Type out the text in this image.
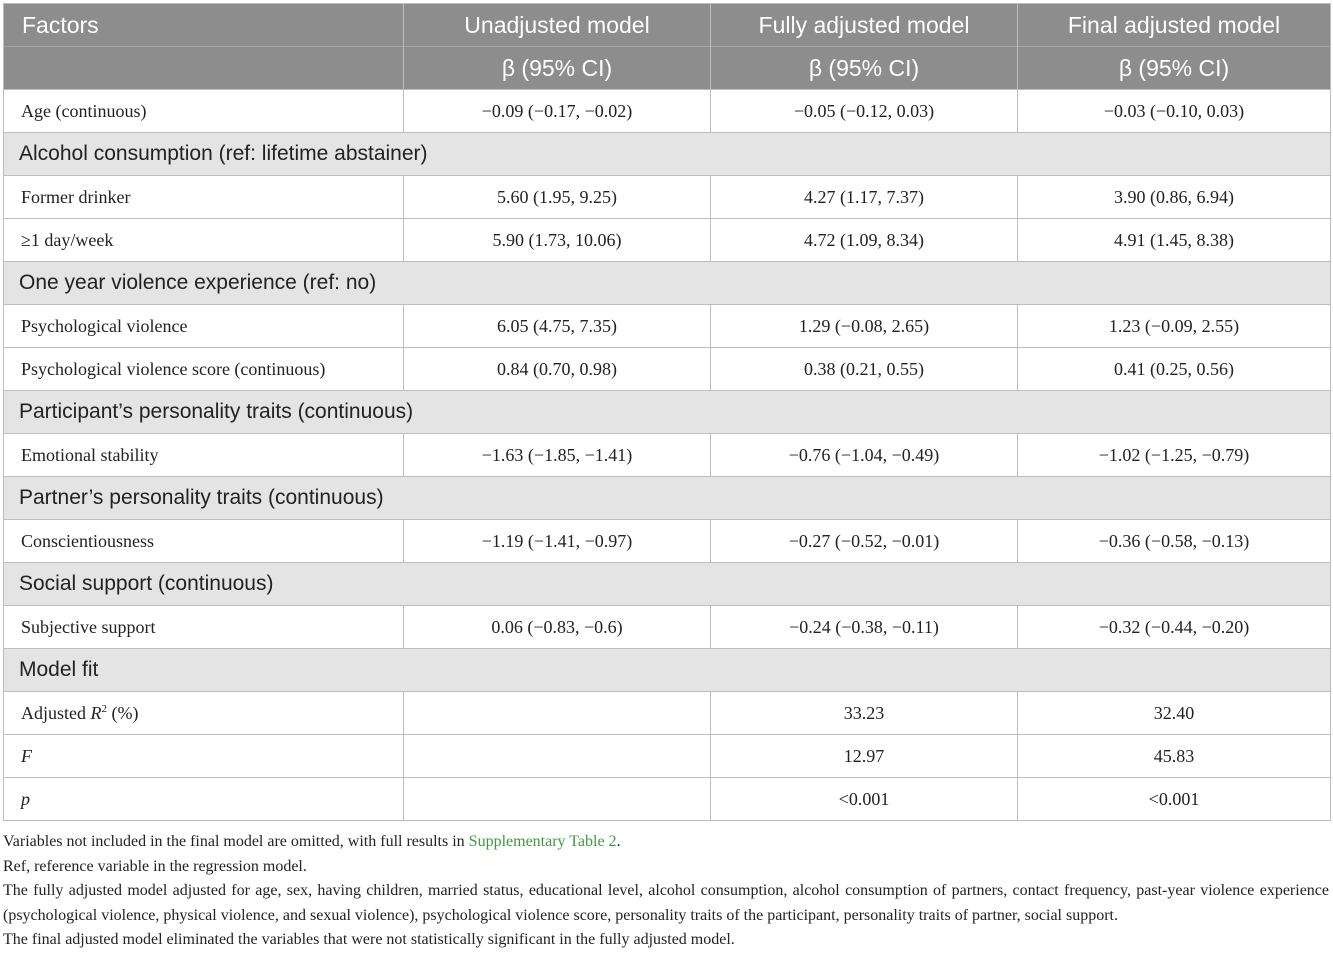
Factors	Unadjusted model	Fully adjusted model	Final adjusted model
	β (95% CI)	β (95% CI)	β (95% CI)
Age (continuous)	−0.09 (−0.17, −0.02)	−0.05 (−0.12, 0.03)	−0.03 (−0.10, 0.03)
Alcohol consumption (ref: lifetime abstainer)			
Former drinker	5.60 (1.95, 9.25)	4.27 (1.17, 7.37)	3.90 (0.86, 6.94)
≥1 day/week	5.90 (1.73, 10.06)	4.72 (1.09, 8.34)	4.91 (1.45, 8.38)
One year violence experience (ref: no)			
Psychological violence	6.05 (4.75, 7.35)	1.29 (−0.08, 2.65)	1.23 (−0.09, 2.55)
Psychological violence score (continuous)	0.84 (0.70, 0.98)	0.38 (0.21, 0.55)	0.41 (0.25, 0.56)
Participant’s personality traits (continuous)			
Emotional stability	−1.63 (−1.85, −1.41)	−0.76 (−1.04, −0.49)	−1.02 (−1.25, −0.79)
Partner’s personality traits (continuous)			
Conscientiousness	−1.19 (−1.41, −0.97)	−0.27 (−0.52, −0.01)	−0.36 (−0.58, −0.13)
Social support (continuous)			
Subjective support	0.06 (−0.83, −0.6)	−0.24 (−0.38, −0.11)	−0.32 (−0.44, −0.20)
Model fit			
Adjusted $R^2$ (%)		33.23	32.40
F		12.97	45.83
p		<0.001	<0.001

Variables not included in the final model are omitted, with full results in Supplementary Table 2.

Ref, reference variable in the regression model.

The fully adjusted model adjusted for age, sex, having children, married status, educational level, alcohol consumption, alcohol consumption of partners, contact frequency, past-year violence experience (psychological violence, physical violence, and sexual violence), psychological violence score, personality traits of the participant, personality traits of partner, social support.

The final adjusted model eliminated the variables that were not statistically significant in the fully adjusted model.
